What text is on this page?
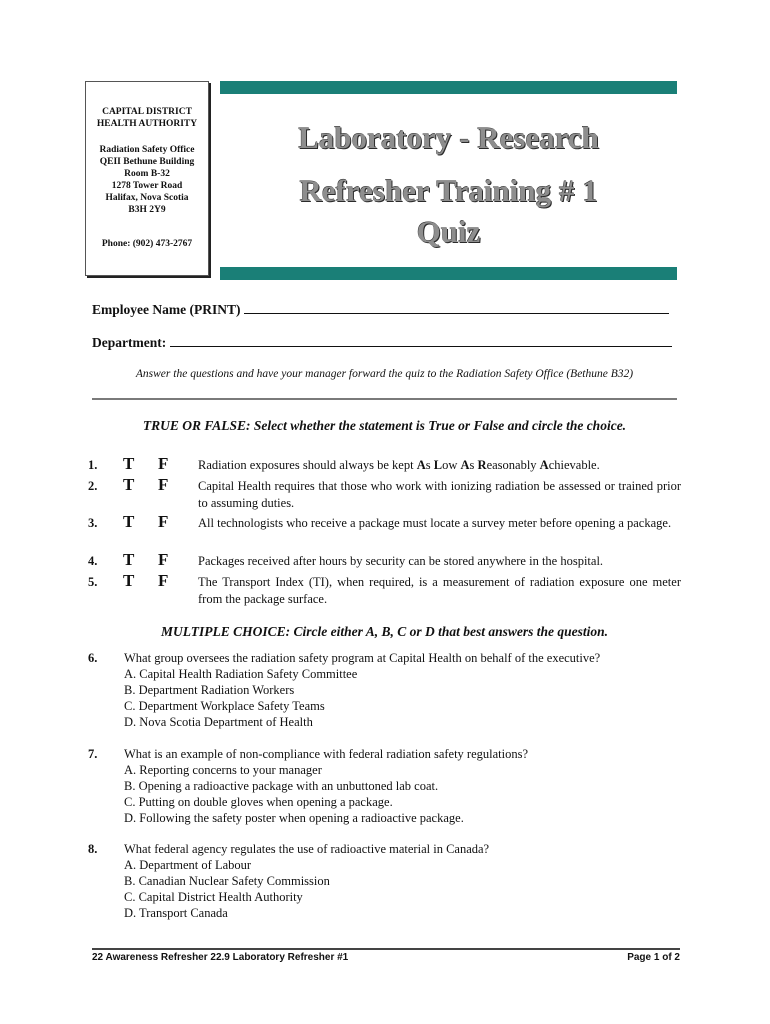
CAPITAL DISTRICT
HEALTH AUTHORITY
Radiation Safety Office
QEII Bethune Building
Room B-32
1278 Tower Road
Halifax, Nova Scotia
B3H 2Y9
Phone: (902) 473-2767
Laboratory - Research
Refresher Training # 1
Quiz
Employee Name (PRINT)
Department:
Answer the questions and have your manager forward the quiz to the Radiation Safety Office (Bethune B32)
TRUE OR FALSE: Select whether the statement is True or False and circle the choice.
1. T F Radiation exposures should always be kept As Low As Reasonably Achievable.
2. T F Capital Health requires that those who work with ionizing radiation be assessed or trained prior to assuming duties.
3. T F All technologists who receive a package must locate a survey meter before opening a package.
4. T F Packages received after hours by security can be stored anywhere in the hospital.
5. T F The Transport Index (TI), when required, is a measurement of radiation exposure one meter from the package surface.
MULTIPLE CHOICE: Circle either A, B, C or D that best answers the question.
6. What group oversees the radiation safety program at Capital Health on behalf of the executive?
A. Capital Health Radiation Safety Committee
B. Department Radiation Workers
C. Department Workplace Safety Teams
D. Nova Scotia Department of Health
7. What is an example of non-compliance with federal radiation safety regulations?
A. Reporting concerns to your manager
B. Opening a radioactive package with an unbuttoned lab coat.
C. Putting on double gloves when opening a package.
D. Following the safety poster when opening a radioactive package.
8. What federal agency regulates the use of radioactive material in Canada?
A. Department of Labour
B. Canadian Nuclear Safety Commission
C. Capital District Health Authority
D. Transport Canada
22 Awareness Refresher 22.9 Laboratory Refresher #1	Page 1 of 2
